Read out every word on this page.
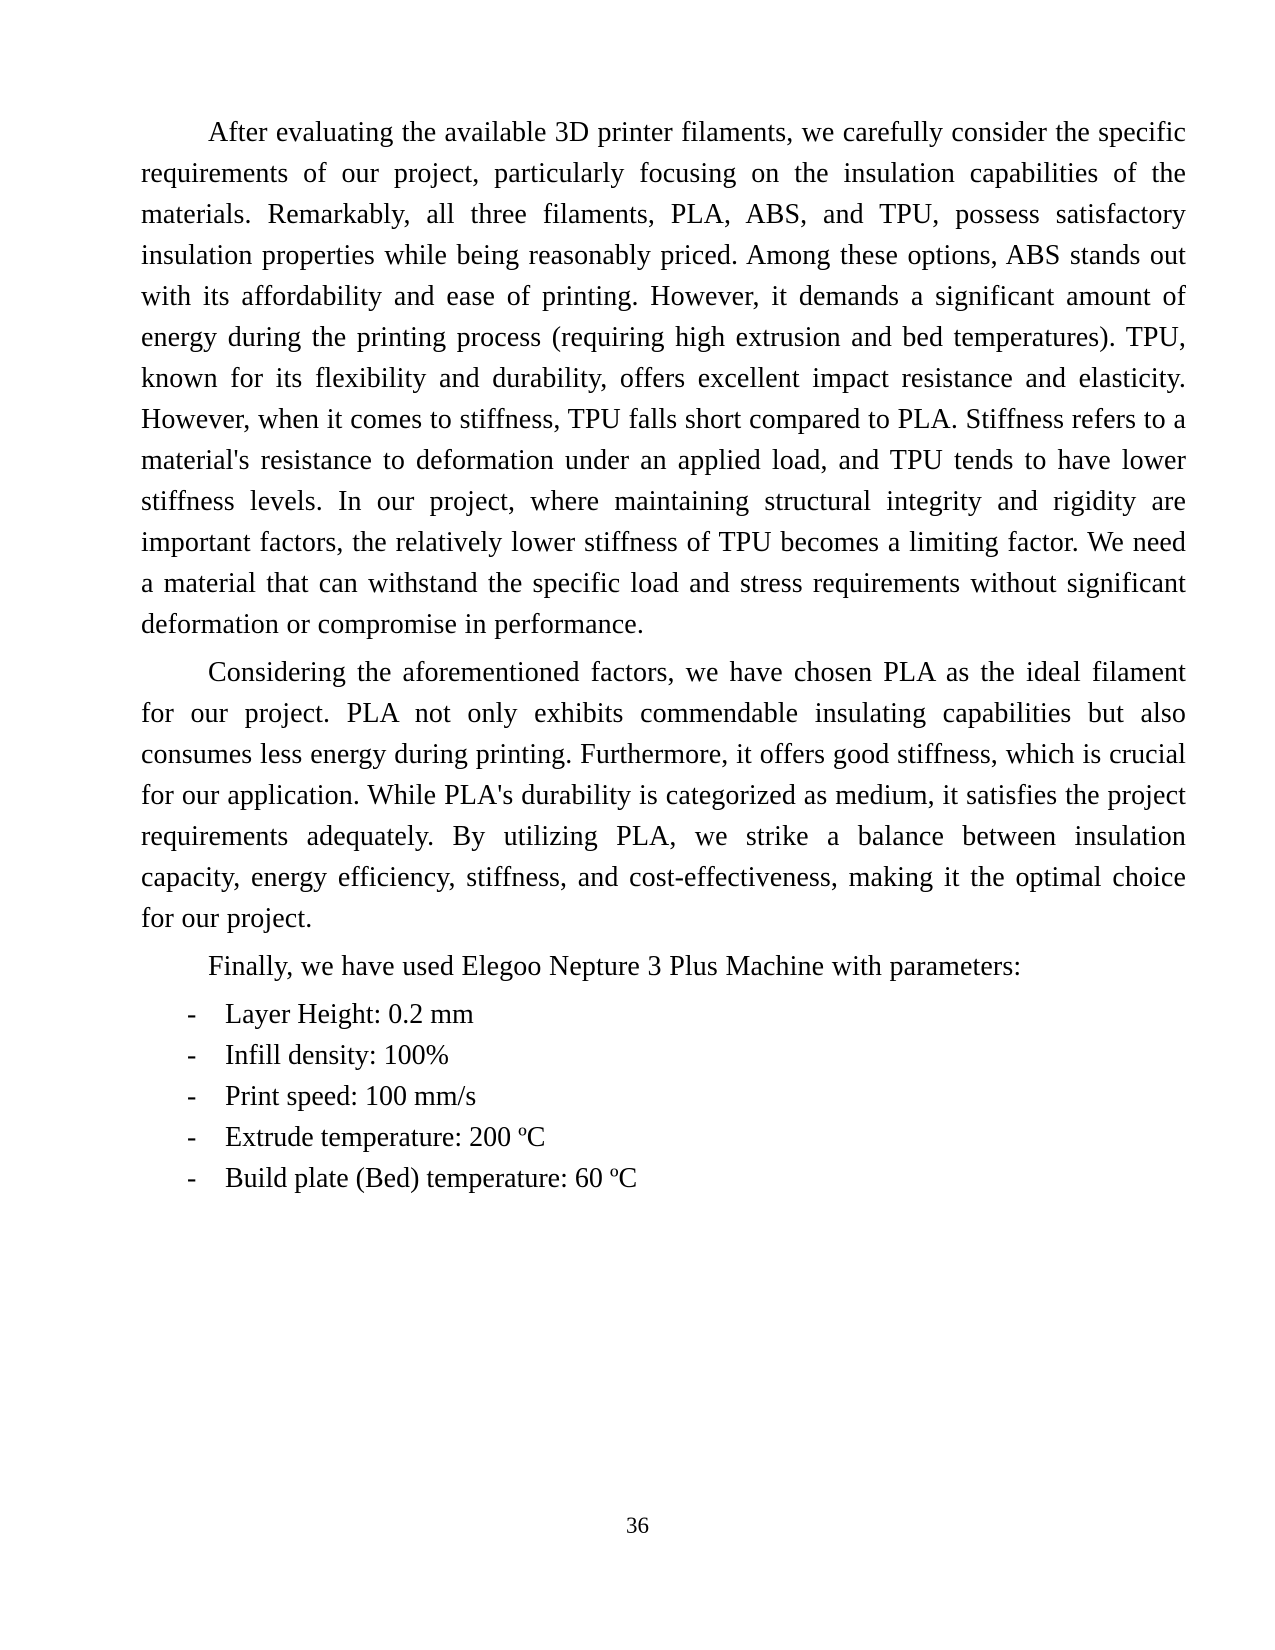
After evaluating the available 3D printer filaments, we carefully consider the specific requirements of our project, particularly focusing on the insulation capabilities of the materials. Remarkably, all three filaments, PLA, ABS, and TPU, possess satisfactory insulation properties while being reasonably priced. Among these options, ABS stands out with its affordability and ease of printing. However, it demands a significant amount of energy during the printing process (requiring high extrusion and bed temperatures). TPU, known for its flexibility and durability, offers excellent impact resistance and elasticity. However, when it comes to stiffness, TPU falls short compared to PLA. Stiffness refers to a material's resistance to deformation under an applied load, and TPU tends to have lower stiffness levels. In our project, where maintaining structural integrity and rigidity are important factors, the relatively lower stiffness of TPU becomes a limiting factor. We need a material that can withstand the specific load and stress requirements without significant deformation or compromise in performance.

Considering the aforementioned factors, we have chosen PLA as the ideal filament for our project. PLA not only exhibits commendable insulating capabilities but also consumes less energy during printing. Furthermore, it offers good stiffness, which is crucial for our application. While PLA's durability is categorized as medium, it satisfies the project requirements adequately. By utilizing PLA, we strike a balance between insulation capacity, energy efficiency, stiffness, and cost-effectiveness, making it the optimal choice for our project.

Finally, we have used Elegoo Nepture 3 Plus Machine with parameters:

-	Layer Height: 0.2 mm
-	Infill density: 100%
-	Print speed: 100 mm/s
-	Extrude temperature: 200 ºC
-	Build plate (Bed) temperature: 60 ºC
36
